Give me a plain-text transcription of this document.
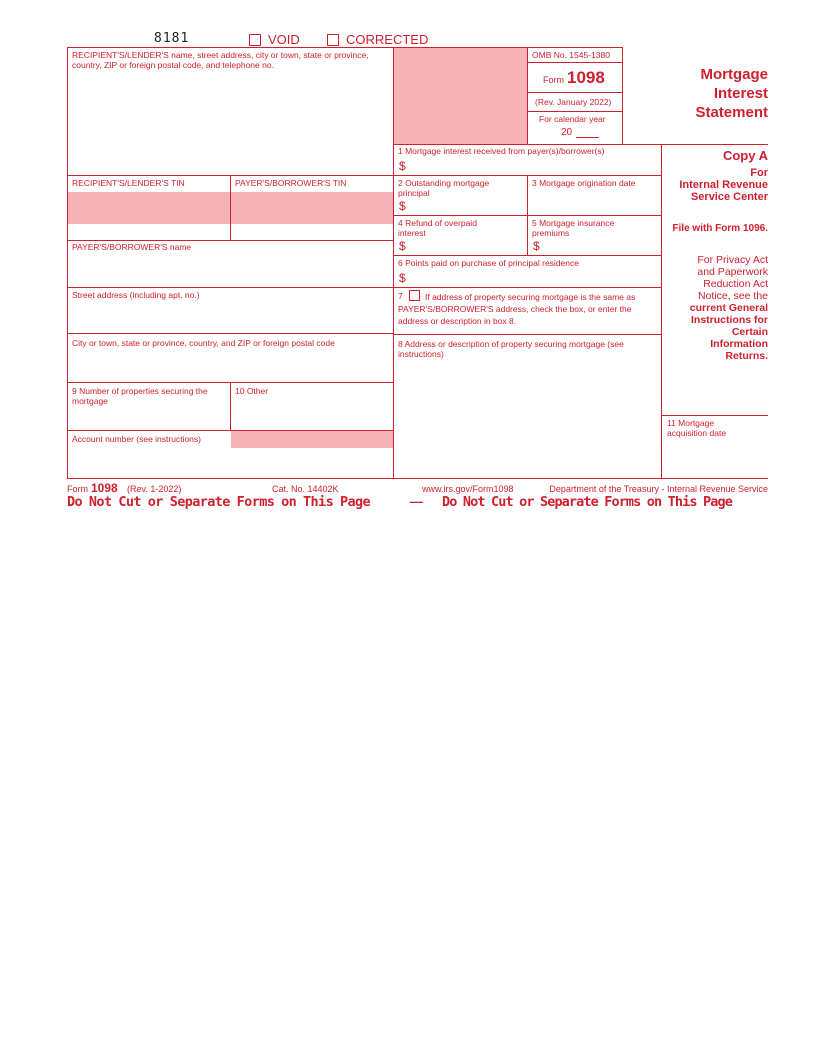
8181	VOID	CORRECTED
RECIPIENT'S/LENDER'S name, street address, city or town, state or province, country, ZIP or foreign postal code, and telephone no.
RECIPIENT'S/LENDER'S TIN	PAYER'S/BORROWER'S TIN
PAYER'S/BORROWER'S name
Street address (including apt. no.)
City or town, state or province, country, and ZIP or foreign postal code
9 Number of properties securing the mortgage
10 Other
Account number (see instructions)
OMB No. 1545-1380
Form 1098
(Rev. January 2022)
For calendar year
20
Mortgage
Interest
Statement
1 Mortgage interest received from payer(s)/borrower(s)
$
2 Outstanding mortgage principal
$
3 Mortgage origination date
4 Refund of overpaid interest
$
5 Mortgage insurance premiums
$
6 Points paid on purchase of principal residence
$
7	If address of property securing mortgage is the same as PAYER'S/BORROWER'S address, check the box, or enter the address or description in box 8.
8 Address or description of property securing mortgage (see instructions)
Copy A
For
Internal Revenue
Service Center
File with Form 1096.
For Privacy Act
and Paperwork
Reduction Act
Notice, see the
current General
Instructions for
Certain
Information
Returns.
11 Mortgage acquisition date
Form 1098 (Rev. 1-2022)	Cat. No. 14402K	www.irs.gov/Form1098	Department of the Treasury - Internal Revenue Service
Do Not Cut or Separate Forms on This Page	— Do Not Cut or Separate Forms on This Page
